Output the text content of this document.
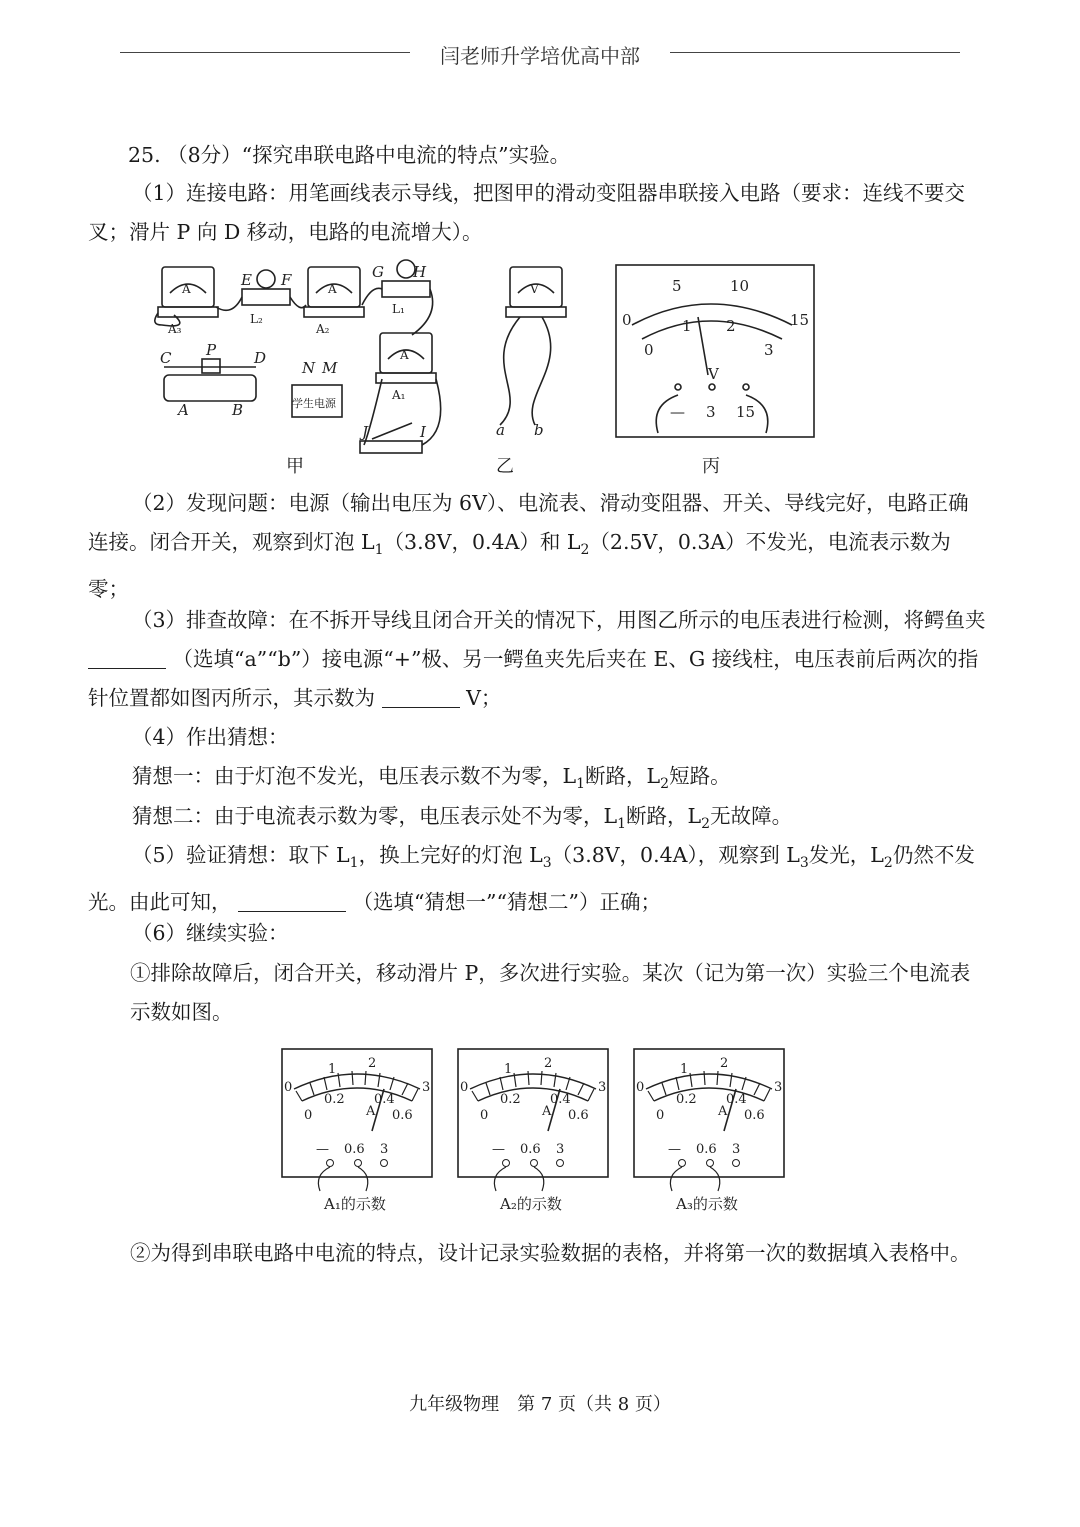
闫老师升学培优高中部

25. （8分）“探究串联电路中电流的特点”实验。

（1）连接电路：用笔画线表示导线，把图甲的滑动变阻器串联接入电路（要求：连线不要交叉；滑片 P 向 D 移动，电路的电流增大）。

E F	G H
C P	D
A	B
N M
J	I	a b
A₃
L₂
A₂
L₁
A₁
A	A
A
V
学生电源
0
5	10
15
0
1 2
3
V
— 3 15
甲	乙	丙

（2）发现问题：电源（输出电压为 6V）、电流表、滑动变阻器、开关、导线完好，电路正确连接。闭合开关，观察到灯泡 $L_1(3.8V$，0.4A）和 $L_2(2.5V$，0.3A）不发光，电流表示数为零；

（3）排查故障：在不拆开导线且闭合开关的情况下，用图乙所示的电压表进行检测，将鳄鱼夹  （选填“a”“b”）接电源“+”极、另一鳄鱼夹先后夹在 E、G 接线柱，电压表前后两次的指针位置都如图丙所示，其示数为	V；

（4）作出猜想：

猜想一：由于灯泡不发光，电压表示数不为零，$L_1$断路，$L_2$短路。

猜想二：由于电流表示数为零，电压表示处不为零，$L_1$断路，$L_2$无故障。

（5）验证猜想：取下 $L_1$，换上完好的灯泡 $L_3(3.8V$，0.4A），观察到 $L_3$发光，$L_2$仍然不发光。由此可知，	（选填“猜想一”“猜想二”）正确；

（6）继续实验：

①排除故障后，闭合开关，移动滑片 P，多次进行实验。某次（记为第一次）实验三个电流表示数如图。

0
1 2
3
0
0.2 0.4
0.6
A
— 0.6 3
0
1 2
3
0
0.2 0.4
0.6
A
— 0.6 3
0
1 2
3
0
0.2 0.4
0.6
A
— 0.6 3
A₁的示数	A₂的示数	A₃的示数

②为得到串联电路中电流的特点，设计记录实验数据的表格，并将第一次的数据填入表格中。

九年级物理　第 7 页（共 8 页）
